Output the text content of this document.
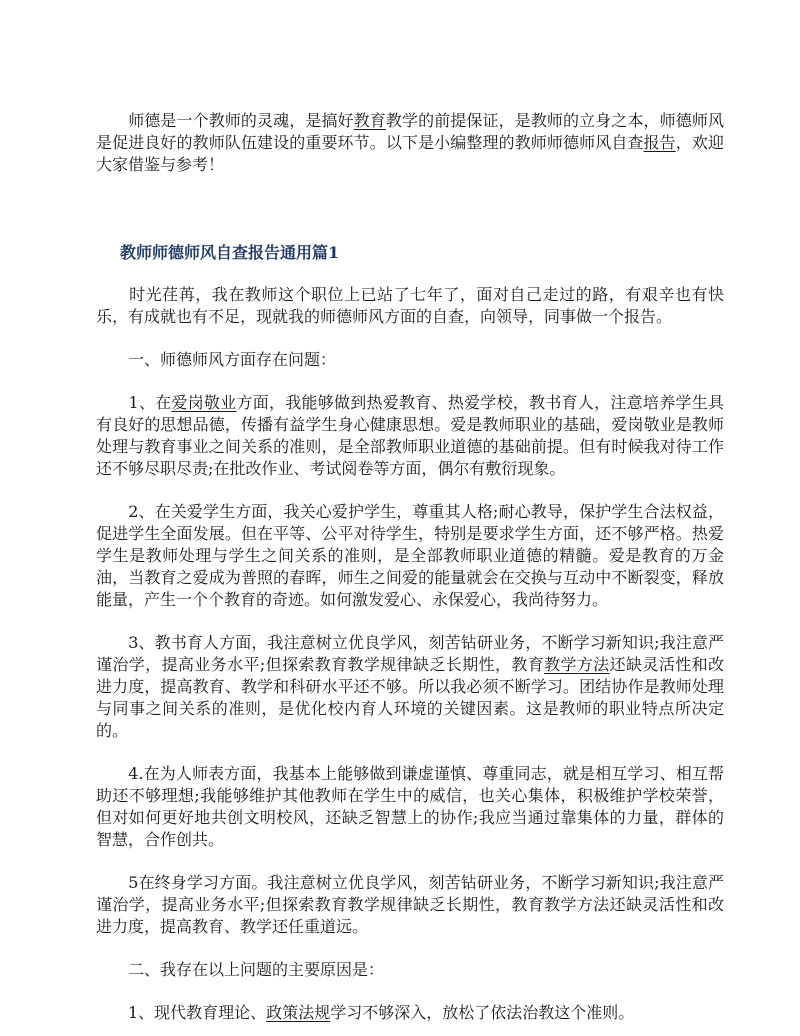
　　师德是一个教师的灵魂，是搞好教育教学的前提保证，是教师的立身之本，师德师风是促进良好的教师队伍建设的重要环节。以下是小编整理的教师师德师风自查报告，欢迎大家借鉴与参考！

教师师德师风自查报告通用篇1

　　时光荏苒，我在教师这个职位上已站了七年了，面对自己走过的路，有艰辛也有快乐，有成就也有不足，现就我的师德师风方面的自查，向领导，同事做一个报告。

　　一、师德师风方面存在问题：

　　1、在爱岗敬业方面，我能够做到热爱教育、热爱学校，教书育人，注意培养学生具有良好的思想品德，传播有益学生身心健康思想。爱是教师职业的基础，爱岗敬业是教师处理与教育事业之间关系的准则，是全部教师职业道德的基础前提。但有时候我对待工作还不够尽职尽责;在批改作业、考试阅卷等方面，偶尔有敷衍现象。

　　2、在关爱学生方面，我关心爱护学生，尊重其人格;耐心教导，保护学生合法权益，促进学生全面发展。但在平等、公平对待学生，特别是要求学生方面，还不够严格。热爱学生是教师处理与学生之间关系的准则，是全部教师职业道德的精髓。爱是教育的万金油，当教育之爱成为普照的春晖，师生之间爱的能量就会在交换与互动中不断裂变，释放能量，产生一个个教育的奇迹。如何激发爱心、永保爱心，我尚待努力。

　　3、教书育人方面，我注意树立优良学风，刻苦钻研业务，不断学习新知识;我注意严谨治学，提高业务水平;但探索教育教学规律缺乏长期性，教育教学方法还缺灵活性和改进力度，提高教育、教学和科研水平还不够。所以我必须不断学习。团结协作是教师处理与同事之间关系的准则，是优化校内育人环境的关键因素。这是教师的职业特点所决定的。

　　4.在为人师表方面，我基本上能够做到谦虚谨慎、尊重同志，就是相互学习、相互帮助还不够理想;我能够维护其他教师在学生中的威信，也关心集体，积极维护学校荣誉，但对如何更好地共创文明校风，还缺乏智慧上的协作;我应当通过靠集体的力量，群体的智慧，合作创共。

　　5在终身学习方面。我注意树立优良学风，刻苦钻研业务，不断学习新知识;我注意严谨治学，提高业务水平;但探索教育教学规律缺乏长期性，教育教学方法还缺灵活性和改进力度，提高教育、教学还任重道远。

　　二、我存在以上问题的主要原因是：

　　1、现代教育理论、政策法规学习不够深入，放松了依法治教这个准则。
